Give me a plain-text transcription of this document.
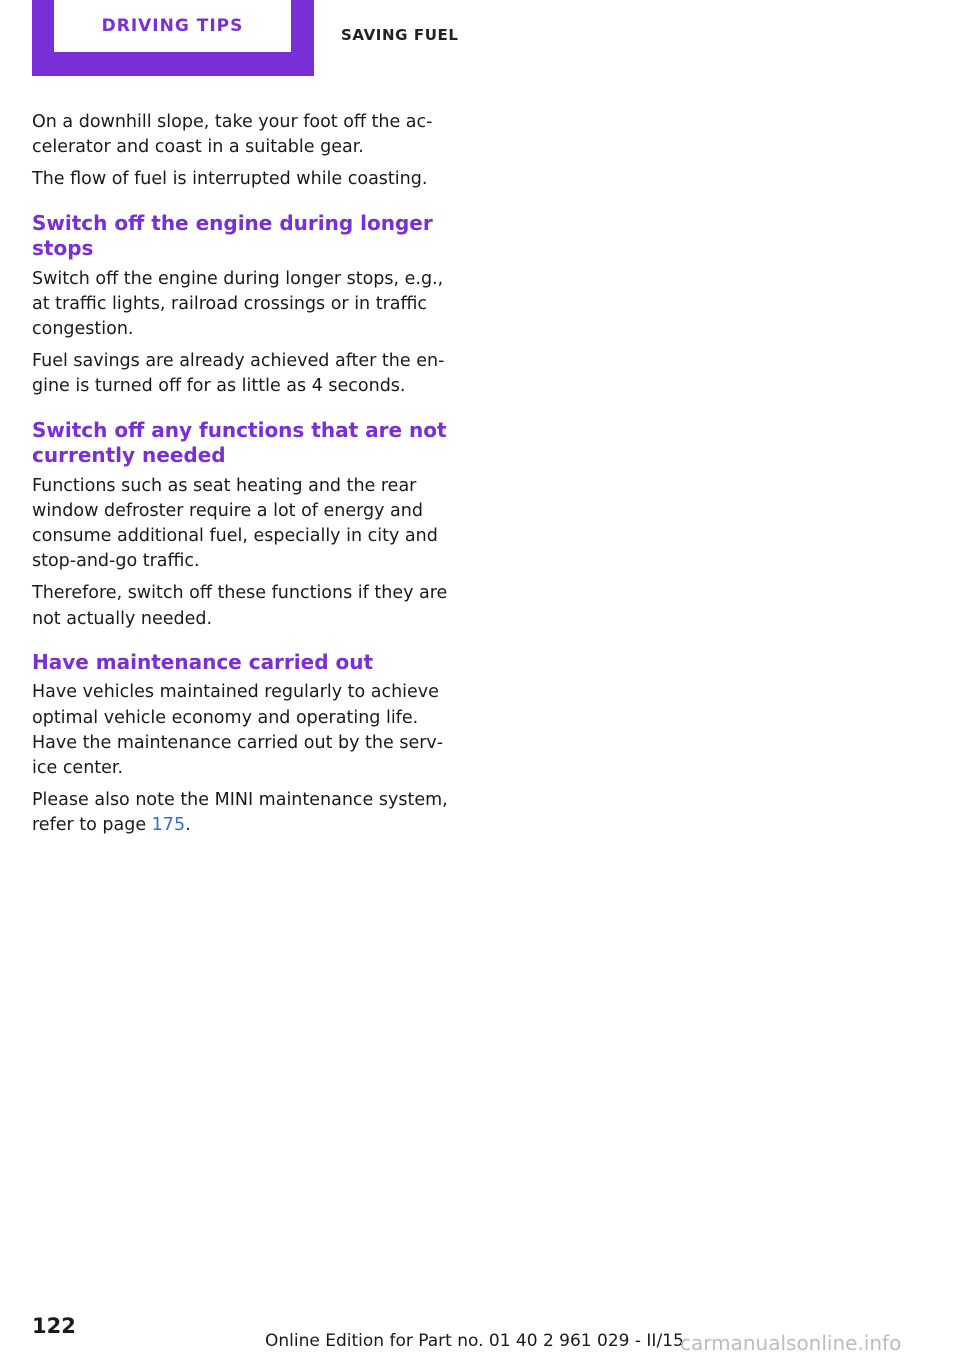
DRIVING TIPS	SAVING FUEL

On a downhill slope, take your foot off the ac‐ celerator and coast in a suitable gear.

The flow of fuel is interrupted while coasting.

Switch off the engine during longer stops

Switch off the engine during longer stops, e.g., at traffic lights, railroad crossings or in traffic congestion.

Fuel savings are already achieved after the en‐ gine is turned off for as little as 4 seconds.

Switch off any functions that are not currently needed

Functions such as seat heating and the rear window defroster require a lot of energy and consume additional fuel, especially in city and stop-and-go traffic.

Therefore, switch off these functions if they are not actually needed.

Have maintenance carried out

Have vehicles maintained regularly to achieve optimal vehicle economy and operating life. Have the maintenance carried out by the serv‐ ice center.

Please also note the MINI maintenance system, refer to page 175.

122
Online Edition for Part no. 01 40 2 961 029 - II/15
carmanualsonline.info
